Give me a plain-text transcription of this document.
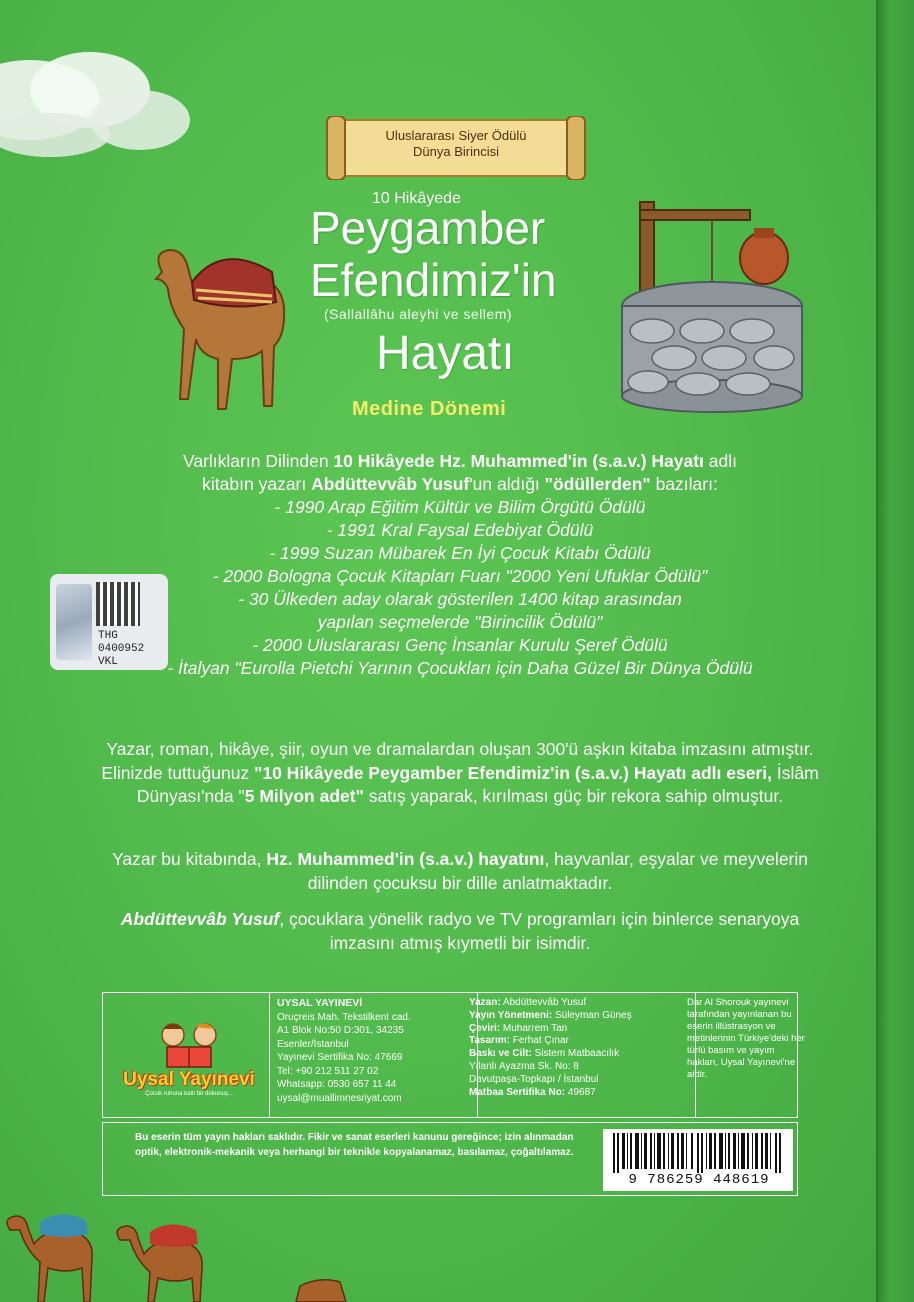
Uluslararası Siyer Ödülü
Dünya Birincisi
10 Hikâyede
Peygamber
Efendimiz'in
(Sallallâhu aleyhi ve sellem)
Hayatı
Medine Dönemi
THG
0400952
VKL

Varlıkların Dilinden 10 Hikâyede Hz. Muhammed'in (s.a.v.) Hayatı adlı
kitabın yazarı Abdüttevvâb Yusuf'un aldığı "ödüllerden" bazıları:

- 1990 Arap Eğitim Kültür ve Bilim Örgütü Ödülü

- 1991 Kral Faysal Edebiyat Ödülü

- 1999 Suzan Mübarek En İyi Çocuk Kitabı Ödülü

- 2000 Bologna Çocuk Kitapları Fuarı "2000 Yeni Ufuklar Ödülü"

- 30 Ülkeden aday olarak gösterilen 1400 kitap arasından

yapılan seçmelerde "Birincilik Ödülü"

- 2000 Uluslararası Genç İnsanlar Kurulu Şeref Ödülü

- İtalyan "Eurolla Pietchi Yarının Çocukları için Daha Güzel Bir Dünya Ödülü

Yazar, roman, hikâye, şiir, oyun ve dramalardan oluşan 300'ü aşkın kitaba imzasını atmıştır. Elinizde tuttuğunuz "10 Hikâyede Peygamber Efendimiz'in (s.a.v.) Hayatı adlı eseri, İslâm Dünyası'nda "5 Milyon adet" satış yaparak, kırılması güç bir rekora sahip olmuştur.

Yazar bu kitabında, Hz. Muhammed'in (s.a.v.) hayatını, hayvanlar, eşyalar ve meyvelerin dilinden çocuksu bir dille anlatmaktadır.

Abdüttevvâb Yusuf, çocuklara yönelik radyo ve TV programları için binlerce senaryoya imzasını atmış kıymetli bir isimdir.

Uysal Yayınevi
Çocuk ruhuna katlı bir dokunuş...
UYSAL YAYINEVİ
Oruçreis Mah. Tekstilkent cad.
A1 Blok No:50 D:301, 34235
Esenler/İstanbul
Yayınevi Sertifika No: 47669
Tel: +90 212 511 27 02
Whatsapp: 0530 657 11 44
uysal@muallimnesriyat.com
Yazan: Abdüttevvâb Yusuf
Yayın Yönetmeni: Süleyman Güneş
Çeviri: Muharrem Tan
Tasarım: Ferhat Çınar
Baskı ve Cilt: Sistem Matbaacılık
Yılanlı Ayazma Sk. No: 8
Davutpaşa-Topkapı / İstanbul
Matbaa Sertifika No: 49687
Dar Al Shorouk yayınevi tarafından yayınlanan bu eserin illüstrasyon ve metinlerinin Türkiye'deki her türlü basım ve yayım hakları, Uysal Yayınevi'ne aittir.
Bu eserin tüm yayın hakları saklıdır. Fikir ve sanat eserleri kanunu gereğince; izin alınmadan optik, elektronik-mekanik veya herhangi bir teknikle kopyalanamaz, basılamaz, çoğaltılamaz.
9 786259 448619
